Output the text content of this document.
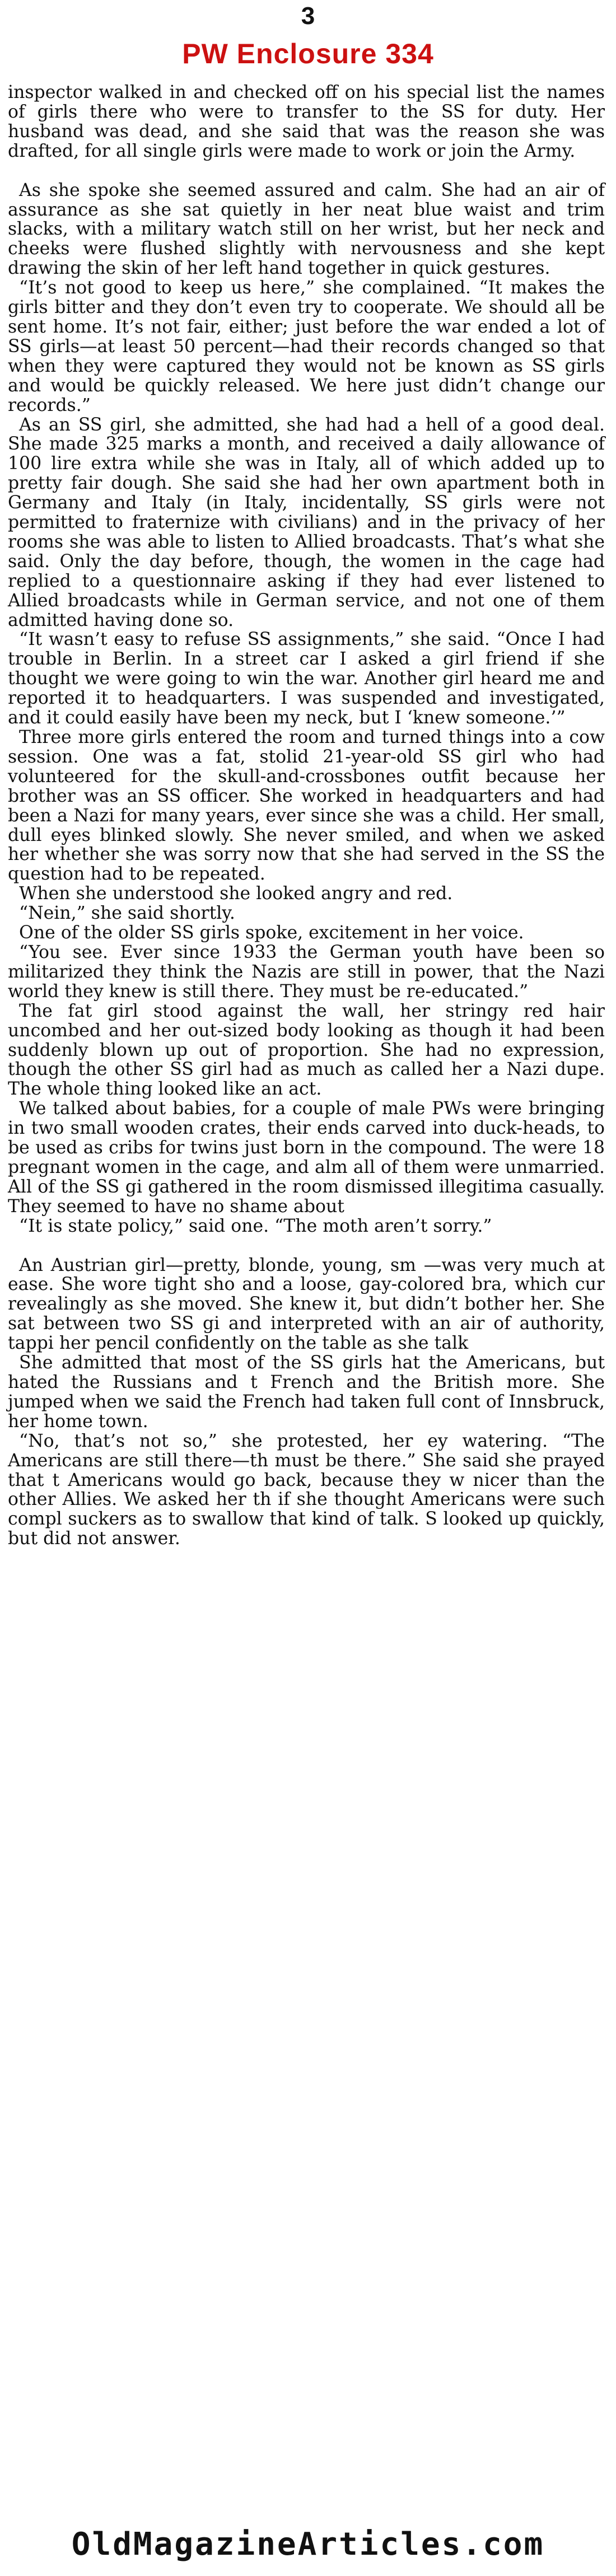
3
PW Enclosure 334

inspector walked in and checked off on his special list the names of girls there who were to transfer to the SS for duty. Her husband was dead, and she said that was the reason she was drafted, for all single girls were made to work or join the Army.

As she spoke she seemed assured and calm. She had an air of assurance as she sat quietly in her neat blue waist and trim slacks, with a military watch still on her wrist, but her neck and cheeks were flushed slightly with nervousness and she kept drawing the skin of her left hand together in quick gestures.

“It’s not good to keep us here,” she complained. “It makes the girls bitter and they don’t even try to cooperate. We should all be sent home. It’s not fair, either; just before the war ended a lot of SS girls—at least 50 percent—had their records changed so that when they were captured they would not be known as SS girls and would be quickly released. We here just didn’t change our records.”

As an SS girl, she admitted, she had had a hell of a good deal. She made 325 marks a month, and received a daily allowance of 100 lire extra while she was in Italy, all of which added up to pretty fair dough. She said she had her own apartment both in Germany and Italy (in Italy, incidentally, SS girls were not permitted to fraternize with civilians) and in the privacy of her rooms she was able to listen to Allied broadcasts. That’s what she said. Only the day before, though, the women in the cage had replied to a questionnaire asking if they had ever listened to Allied broadcasts while in German service, and not one of them admitted having done so.

“It wasn’t easy to refuse SS assignments,” she said. “Once I had trouble in Berlin. In a street car I asked a girl friend if she thought we were going to win the war. Another girl heard me and reported it to headquarters. I was suspended and investigated, and it could easily have been my neck, but I ‘knew someone.’”

Three more girls entered the room and turned things into a cow session. One was a fat, stolid 21-year-old SS girl who had volunteered for the skull-and-crossbones outfit because her brother was an SS officer. She worked in headquarters and had been a Nazi for many years, ever since she was a child. Her small, dull eyes blinked slowly. She never smiled, and when we asked her whether she was sorry now that she had served in the SS the question had to be repeated.

When she understood she looked angry and red.

“Nein,” she said shortly.

One of the older SS girls spoke, excitement in her voice.

“You see. Ever since 1933 the German youth have been so militarized they think the Nazis are still in power, that the Nazi world they knew is still there. They must be re-educated.”

The fat girl stood against the wall, her stringy red hair uncombed and her out-sized body looking as though it had been suddenly blown up out of proportion. She had no expression, though the other SS girl had as much as called her a Nazi dupe. The whole thing looked like an act.

We talked about babies, for a couple of male PWs were bringing in two small wooden crates, their ends carved into duck-heads, to be used as cribs for twins just born in the compound. The were 18 pregnant women in the cage, and alm all of them were unmarried. All of the SS gi gathered in the room dismissed illegitima casually. They seemed to have no shame about

“It is state policy,” said one. “The moth aren’t sorry.”

An Austrian girl—pretty, blonde, young, sm —was very much at ease. She wore tight sho and a loose, gay-colored bra, which cur revealingly as she moved. She knew it, but didn’t bother her. She sat between two SS gi and interpreted with an air of authority, tappi her pencil confidently on the table as she talk

She admitted that most of the SS girls hat the Americans, but hated the Russians and t French and the British more. She jumped when we said the French had taken full cont of Innsbruck, her home town.

“No, that’s not so,” she protested, her ey watering. “The Americans are still there—th must be there.” She said she prayed that t Americans would go back, because they w nicer than the other Allies. We asked her th if she thought Americans were such compl suckers as to swallow that kind of talk. S looked up quickly, but did not answer.

OldMagazineArticles.com
